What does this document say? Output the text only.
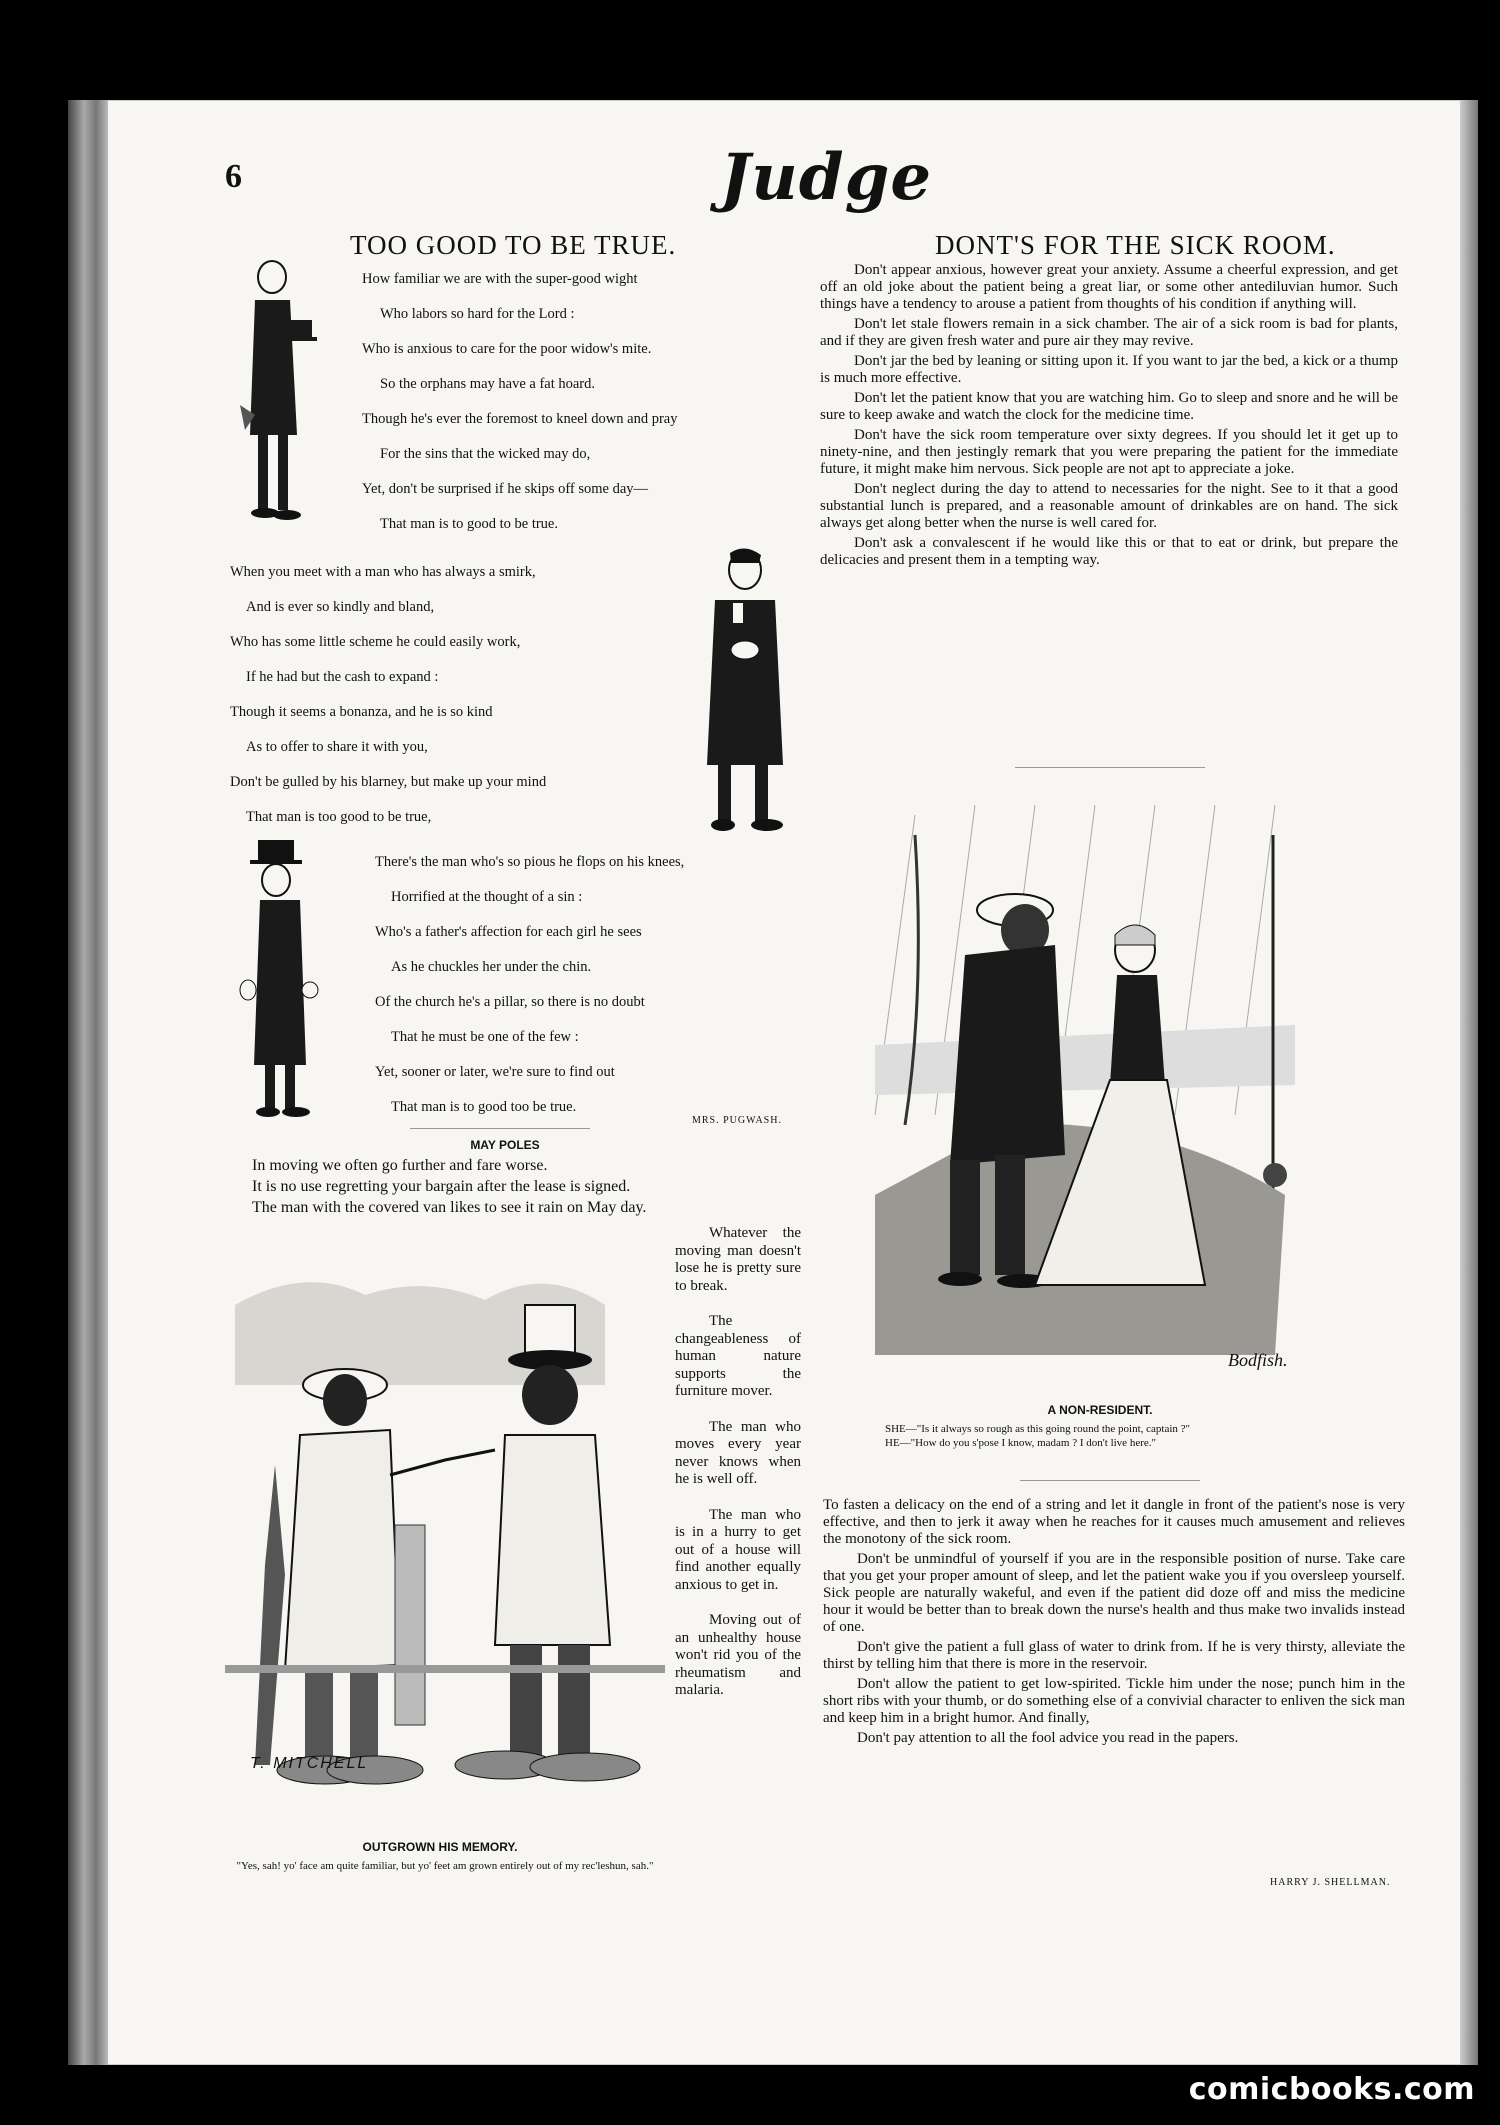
6	Judge
TOO GOOD TO BE TRUE.
How familiar we are with the super-good wight
Who labors so hard for the Lord :
Who is anxious to care for the poor widow's mite.
So the orphans may have a fat hoard.
Though he's ever the foremost to kneel down and pray
For the sins that the wicked may do,
Yet, don't be surprised if he skips off some day—
That man is to good to be true.
When you meet with a man who has always a smirk,
And is ever so kindly and bland,
Who has some little scheme he could easily work,
If he had but the cash to expand :
Though it seems a bonanza, and he is so kind
As to offer to share it with you,
Don't be gulled by his blarney, but make up your mind
That man is too good to be true,
There's the man who's so pious he flops on his knees,
Horrified at the thought of a sin :
Who's a father's affection for each girl he sees
As he chuckles her under the chin.
Of the church he's a pillar, so there is no doubt
That he must be one of the few :
Yet, sooner or later, we're sure to find out
That man is to good too be true.
MRS. PUGWASH.
MAY POLES
In moving we often go further and fare worse.
It is no use regretting your bargain after the lease is signed.
The man with the covered van likes to see it rain on May day.

Whatever the moving man doesn't lose he is pretty sure to break.

The changeableness of human nature supports the furniture mover.

The man who moves every year never knows when he is well off.

The man who is in a hurry to get out of a house will find another equally anxious to get in.

Moving out of an unhealthy house won't rid you of the rheumatism and malaria.

T. MITCHELL
OUTGROWN HIS MEMORY.
"Yes, sah! yo' face am quite familiar, but yo' feet am grown entirely out of my rec'leshun, sah."
DONT'S FOR THE SICK ROOM.

Don't appear anxious, however great your anxiety. Assume a cheerful expression, and get off an old joke about the patient being a great liar, or some other antediluvian humor. Such things have a tendency to arouse a patient from thoughts of his condition if anything will.

Don't let stale flowers remain in a sick chamber. The air of a sick room is bad for plants, and if they are given fresh water and pure air they may revive.

Don't jar the bed by leaning or sitting upon it. If you want to jar the bed, a kick or a thump is much more effective.

Don't let the patient know that you are watching him. Go to sleep and snore and he will be sure to keep awake and watch the clock for the medicine time.

Don't have the sick room temperature over sixty degrees. If you should let it get up to ninety-nine, and then jestingly remark that you were preparing the patient for the immediate future, it might make him nervous. Sick people are not apt to appreciate a joke.

Don't neglect during the day to attend to necessaries for the night. See to it that a good substantial lunch is prepared, and a reasonable amount of drinkables are on hand. The sick always get along better when the nurse is well cared for.

Don't ask a convalescent if he would like this or that to eat or drink, but prepare the delicacies and present them in a tempting way.

Bodfish.
A NON-RESIDENT.
SHE—"Is it always so rough as this going round the point, captain ?"
HE—"How do you s'pose I know, madam ? I don't live here."

To fasten a delicacy on the end of a string and let it dangle in front of the patient's nose is very effective, and then to jerk it away when he reaches for it causes much amusement and relieves the monotony of the sick room.

Don't be unmindful of yourself if you are in the responsible position of nurse. Take care that you get your proper amount of sleep, and let the patient wake you if you oversleep yourself. Sick people are naturally wakeful, and even if the patient did doze off and miss the medicine hour it would be better than to break down the nurse's health and thus make two invalids instead of one.

Don't give the patient a full glass of water to drink from. If he is very thirsty, alleviate the thirst by telling him that there is more in the reservoir.

Don't allow the patient to get low-spirited. Tickle him under the nose; punch him in the short ribs with your thumb, or do something else of a convivial character to enliven the sick man and keep him in a bright humor. And finally,

Don't pay attention to all the fool advice you read in the papers.

HARRY J. SHELLMAN.
comicbooks.com
